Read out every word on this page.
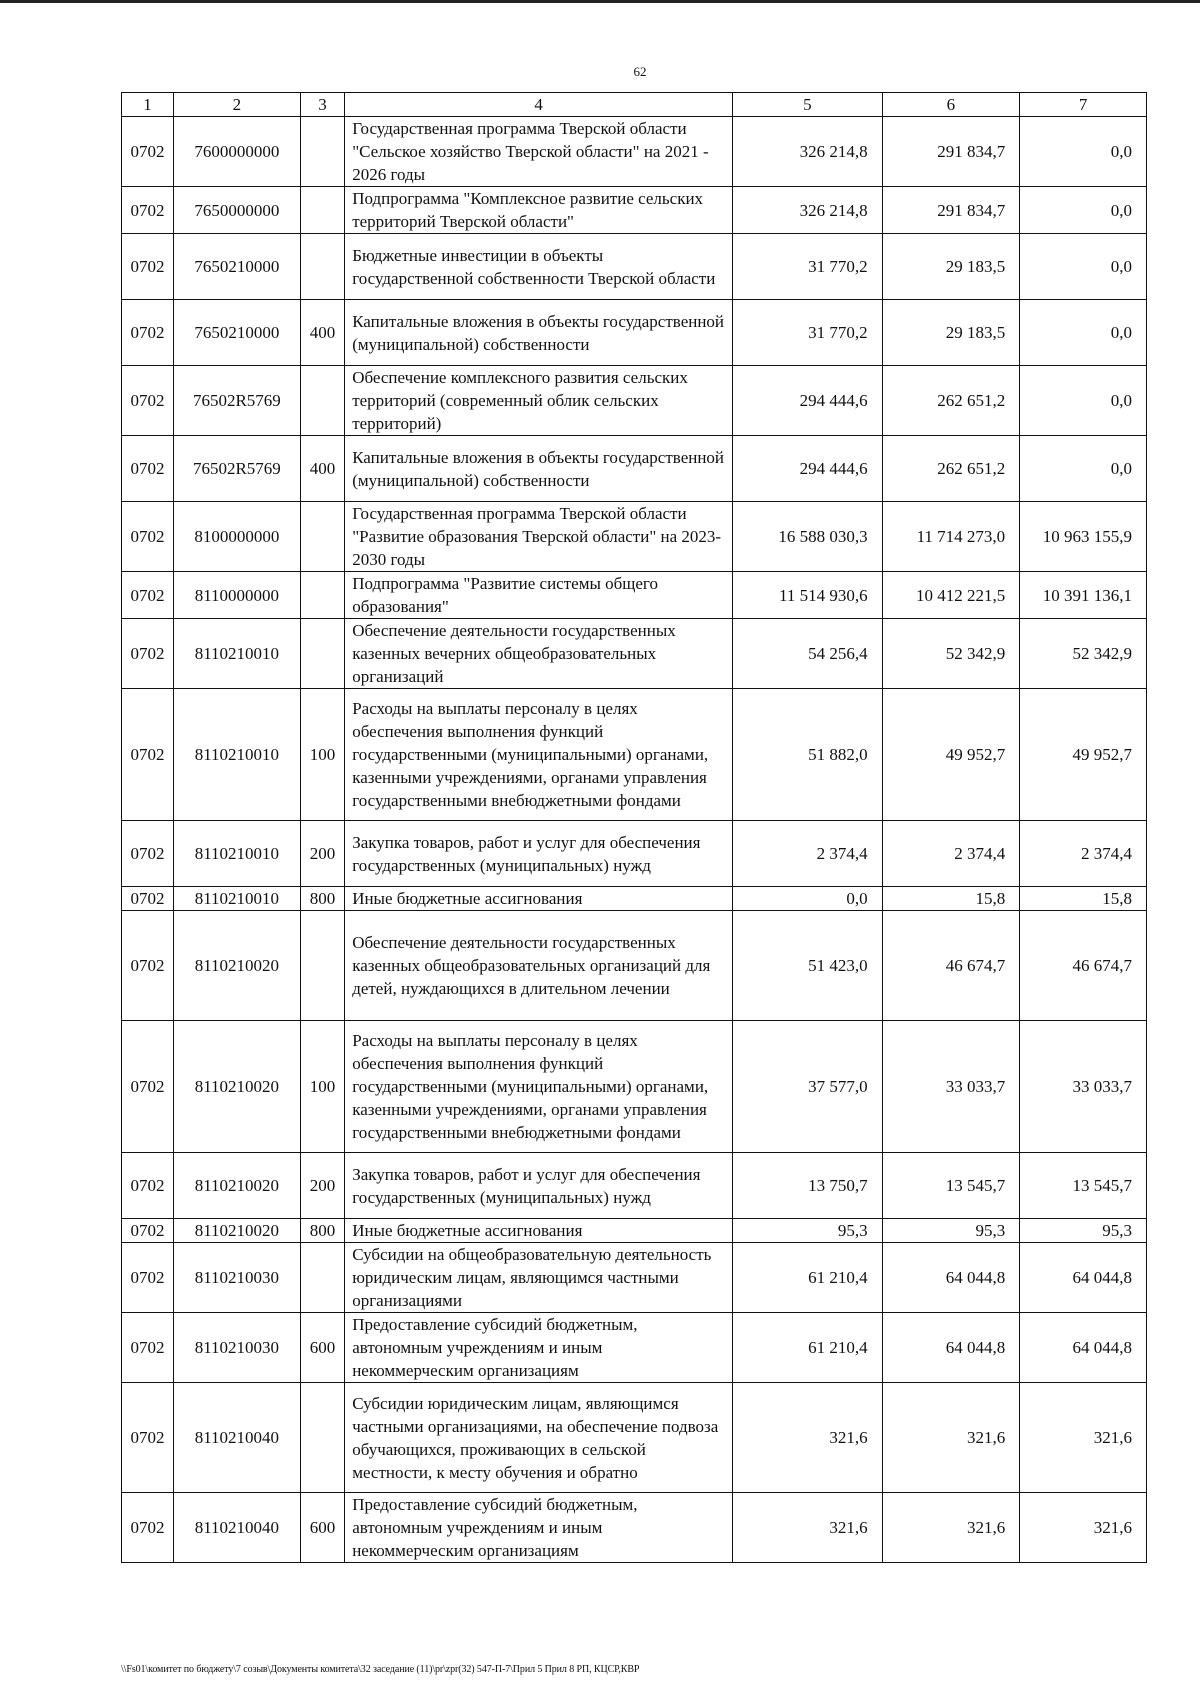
62
1	2	3	4	5	6	7
0702	7600000000		Государственная программа Тверской области "Сельское хозяйство Тверской области" на 2021 - 2026 годы	326 214,8	291 834,7	0,0
0702	7650000000		Подпрограмма "Комплексное развитие сельских территорий Тверской области"	326 214,8	291 834,7	0,0
0702	7650210000		Бюджетные инвестиции в объекты государственной собственности Тверской области	31 770,2	29 183,5	0,0
0702	7650210000	400	Капитальные вложения в объекты государственной (муниципальной) собственности	31 770,2	29 183,5	0,0
0702	76502R5769		Обеспечение комплексного развития сельских территорий (современный облик сельских территорий)	294 444,6	262 651,2	0,0
0702	76502R5769	400	Капитальные вложения в объекты государственной (муниципальной) собственности	294 444,6	262 651,2	0,0
0702	8100000000		Государственная программа Тверской области "Развитие образования Тверской области" на 2023-2030 годы	16 588 030,3	11 714 273,0	10 963 155,9
0702	8110000000		Подпрограмма "Развитие системы общего образования"	11 514 930,6	10 412 221,5	10 391 136,1
0702	8110210010		Обеспечение деятельности государственных казенных вечерних общеобразовательных организаций	54 256,4	52 342,9	52 342,9
0702	8110210010	100	Расходы на выплаты персоналу в целях обеспечения выполнения функций государственными (муниципальными) органами, казенными учреждениями, органами управления государственными внебюджетными фондами	51 882,0	49 952,7	49 952,7
0702	8110210010	200	Закупка товаров, работ и услуг для обеспечения государственных (муниципальных) нужд	2 374,4	2 374,4	2 374,4
0702	8110210010	800	Иные бюджетные ассигнования	0,0	15,8	15,8
0702	8110210020		Обеспечение деятельности государственных казенных общеобразовательных организаций для детей, нуждающихся в длительном лечении	51 423,0	46 674,7	46 674,7
0702	8110210020	100	Расходы на выплаты персоналу в целях обеспечения выполнения функций государственными (муниципальными) органами, казенными учреждениями, органами управления государственными внебюджетными фондами	37 577,0	33 033,7	33 033,7
0702	8110210020	200	Закупка товаров, работ и услуг для обеспечения государственных (муниципальных) нужд	13 750,7	13 545,7	13 545,7
0702	8110210020	800	Иные бюджетные ассигнования	95,3	95,3	95,3
0702	8110210030		Субсидии на общеобразовательную деятельность юридическим лицам, являющимся частными организациями	61 210,4	64 044,8	64 044,8
0702	8110210030	600	Предоставление субсидий бюджетным, автономным учреждениям и иным некоммерческим организациям	61 210,4	64 044,8	64 044,8
0702	8110210040		Субсидии юридическим лицам, являющимся частными организациями, на обеспечение подвоза обучающихся, проживающих в сельской местности, к месту обучения и обратно	321,6	321,6	321,6
0702	8110210040	600	Предоставление субсидий бюджетным, автономным учреждениям и иным некоммерческим организациям	321,6	321,6	321,6
\\Fs01\комитет по бюджету\7 созыв\Документы комитета\32 заседание (11)\pr\zpr(32) 547-П-7\Прил 5 Прил 8 РП, КЦСР,КВР
